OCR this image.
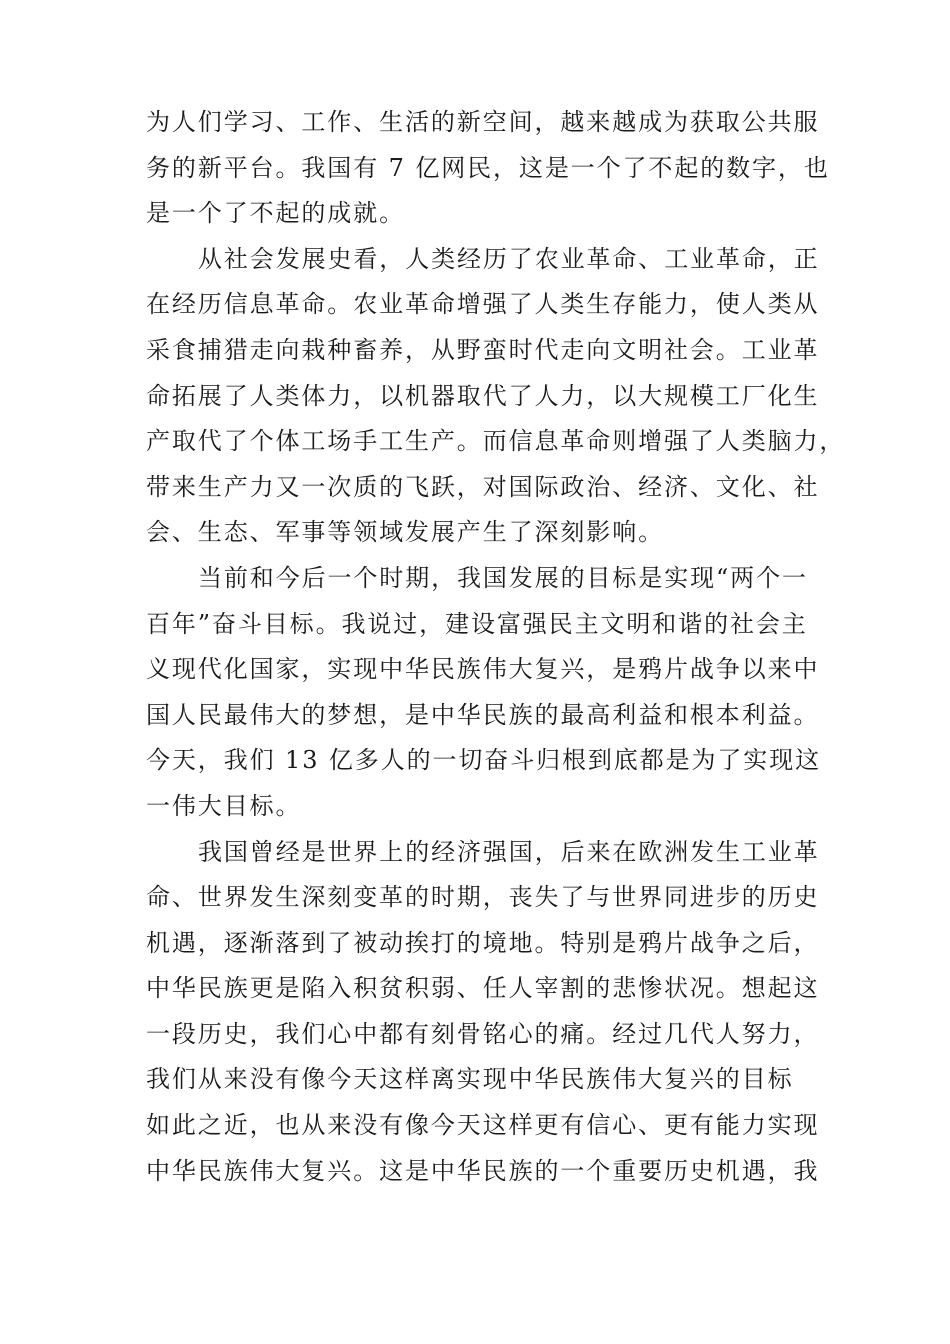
为人们学习、工作、生活的新空间，越来越成为获取公共服
务的新平台。我国有 7 亿网民，这是一个了不起的数字，也
是一个了不起的成就。
从社会发展史看，人类经历了农业革命、工业革命，正
在经历信息革命。农业革命增强了人类生存能力，使人类从
采食捕猎走向栽种畜养，从野蛮时代走向文明社会。工业革
命拓展了人类体力，以机器取代了人力，以大规模工厂化生
产取代了个体工场手工生产。而信息革命则增强了人类脑力，
带来生产力又一次质的飞跃，对国际政治、经济、文化、社
会、生态、军事等领域发展产生了深刻影响。
当前和今后一个时期，我国发展的目标是实现“两个一
百年”奋斗目标。我说过，建设富强民主文明和谐的社会主
义现代化国家，实现中华民族伟大复兴，是鸦片战争以来中
国人民最伟大的梦想，是中华民族的最高利益和根本利益。
今天，我们 13 亿多人的一切奋斗归根到底都是为了实现这
一伟大目标。
我国曾经是世界上的经济强国，后来在欧洲发生工业革
命、世界发生深刻变革的时期，丧失了与世界同进步的历史
机遇，逐渐落到了被动挨打的境地。特别是鸦片战争之后，
中华民族更是陷入积贫积弱、任人宰割的悲惨状况。想起这
一段历史，我们心中都有刻骨铭心的痛。经过几代人努力，
我们从来没有像今天这样离实现中华民族伟大复兴的目标
如此之近，也从来没有像今天这样更有信心、更有能力实现
中华民族伟大复兴。这是中华民族的一个重要历史机遇，我
